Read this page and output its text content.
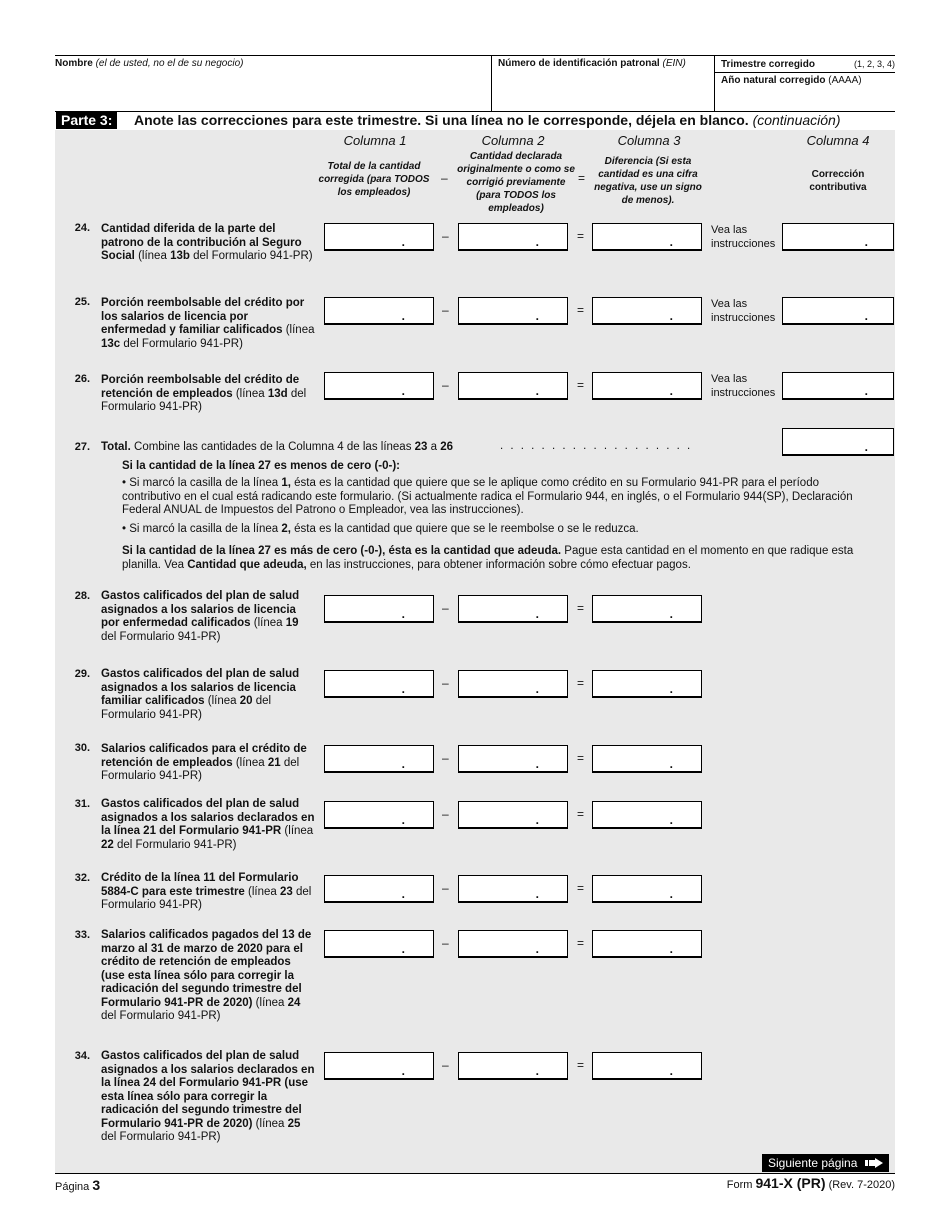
Nombre (el de usted, no el de su negocio)	Número de identificación patronal (EIN)	Trimestre corregido	(1, 2, 3, 4)
Año natural corregido (AAAA)
Parte 3:	Anote las correcciones para este trimestre. Si una línea no le corresponde, déjela en blanco. (continuación)
Columna 1	Columna 2	Columna 3	Columna 4
Total de la cantidad corregida (para TODOS los empleados)
–
Cantidad declarada originalmente o como se corrigió previamente (para TODOS los empleados)
=
Diferencia (Si esta cantidad es una cifra negativa, use un signo de menos).
Corrección contributiva
24. Cantidad diferida de la parte del patrono de la contribución al Seguro Social (línea 13b del Formulario 941-PR)
.	–	.	=	.
Vea las instrucciones	.
25. Porción reembolsable del crédito por los salarios de licencia por enfermedad y familiar calificados (línea 13c del Formulario 941-PR)
.	–	.	=	.
Vea las instrucciones	.
26. Porción reembolsable del crédito de retención de empleados (línea 13d del Formulario 941-PR)
.	–	.	=	.
Vea las instrucciones	.
27. Total. Combine las cantidades de la Columna 4 de las líneas 23 a 26	. . . . . . . . . . . . . . . . . . .	.
Si la cantidad de la línea 27 es menos de cero (-0-):
• Si marcó la casilla de la línea 1, ésta es la cantidad que quiere que se le aplique como crédito en su Formulario 941-PR para el período contributivo en el cual está radicando este formulario. (Si actualmente radica el Formulario 944, en inglés, o el Formulario 944(SP), Declaración Federal ANUAL de Impuestos del Patrono o Empleador, vea las instrucciones).
• Si marcó la casilla de la línea 2, ésta es la cantidad que quiere que se le reembolse o se le reduzca.
Si la cantidad de la línea 27 es más de cero (-0-), ésta es la cantidad que adeuda. Pague esta cantidad en el momento en que radique esta planilla. Vea Cantidad que adeuda, en las instrucciones, para obtener información sobre cómo efectuar pagos.
28. Gastos calificados del plan de salud asignados a los salarios de licencia por enfermedad calificados (línea 19 del Formulario 941-PR)
.	–	.	=	.
29. Gastos calificados del plan de salud asignados a los salarios de licencia familiar calificados (línea 20 del Formulario 941-PR)
.	–	.	=	.
30. Salarios calificados para el crédito de retención de empleados (línea 21 del Formulario 941-PR)
.	–	.	=	.
31. Gastos calificados del plan de salud asignados a los salarios declarados en la línea 21 del Formulario 941-PR (línea 22 del Formulario 941-PR)
.	–	.	=	.
32. Crédito de la línea 11 del Formulario 5884-C para este trimestre (línea 23 del Formulario 941-PR)
.	–	.	=	.
33. Salarios calificados pagados del 13 de marzo al 31 de marzo de 2020 para el crédito de retención de empleados (use esta línea sólo para corregir la radicación del segundo trimestre del Formulario 941-PR de 2020) (línea 24 del Formulario 941-PR)
.	–	.	=	.
34. Gastos calificados del plan de salud asignados a los salarios declarados en la línea 24 del Formulario 941-PR (use esta línea sólo para corregir la radicación del segundo trimestre del Formulario 941-PR de 2020) (línea 25 del Formulario 941-PR)
.	–	.	=	.
Siguiente página
Página 3	Form 941-X (PR) (Rev. 7-2020)
